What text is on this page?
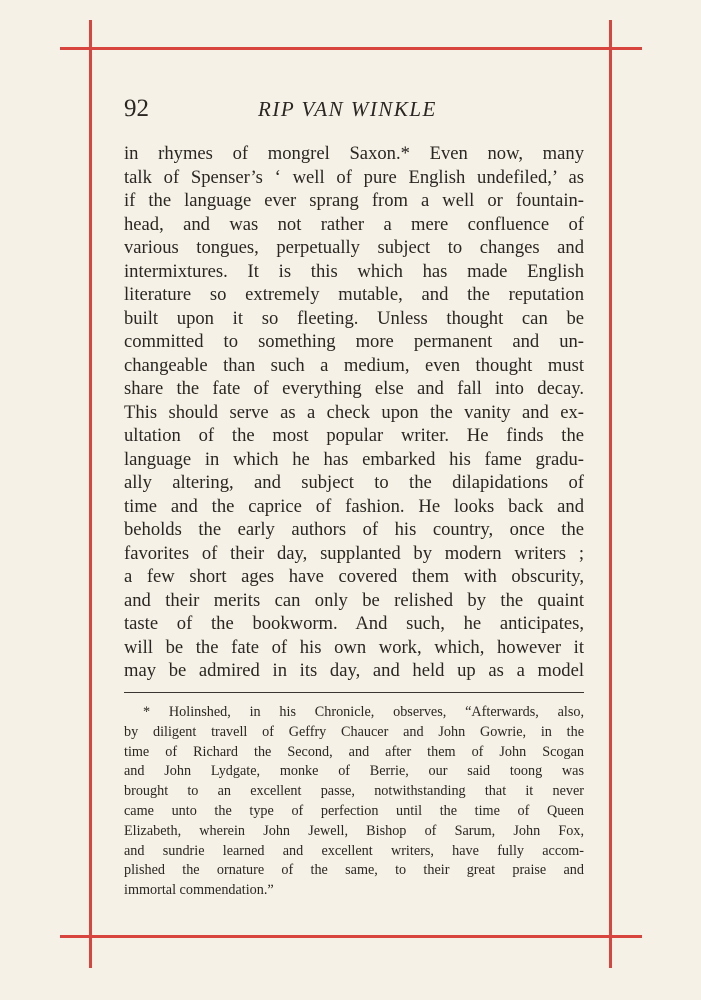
92	RIP VAN WINKLE
in rhymes of mongrel Saxon.* Even now, many
talk of Spenser’s ‘ well of pure English undefiled,’ as
if the language ever sprang from a well or fountain-
head, and was not rather a mere confluence of
various tongues, perpetually subject to changes and
intermixtures. It is this which has made English
literature so extremely mutable, and the reputation
built upon it so fleeting. Unless thought can be
committed to something more permanent and un-
changeable than such a medium, even thought must
share the fate of everything else and fall into decay.
This should serve as a check upon the vanity and ex-
ultation of the most popular writer. He finds the
language in which he has embarked his fame gradu-
ally altering, and subject to the dilapidations of
time and the caprice of fashion. He looks back and
beholds the early authors of his country, once the
favorites of their day, supplanted by modern writers ;
a few short ages have covered them with obscurity,
and their merits can only be relished by the quaint
taste of the bookworm. And such, he anticipates,
will be the fate of his own work, which, however it
may be admired in its day, and held up as a model
* Holinshed, in his Chronicle, observes, “Afterwards, also,
by diligent travell of Geffry Chaucer and John Gowrie, in the
time of Richard the Second, and after them of John Scogan
and John Lydgate, monke of Berrie, our said toong was
brought to an excellent passe, notwithstanding that it never
came unto the type of perfection until the time of Queen
Elizabeth, wherein John Jewell, Bishop of Sarum, John Fox,
and sundrie learned and excellent writers, have fully accom-
plished the ornature of the same, to their great praise and
immortal commendation.”
